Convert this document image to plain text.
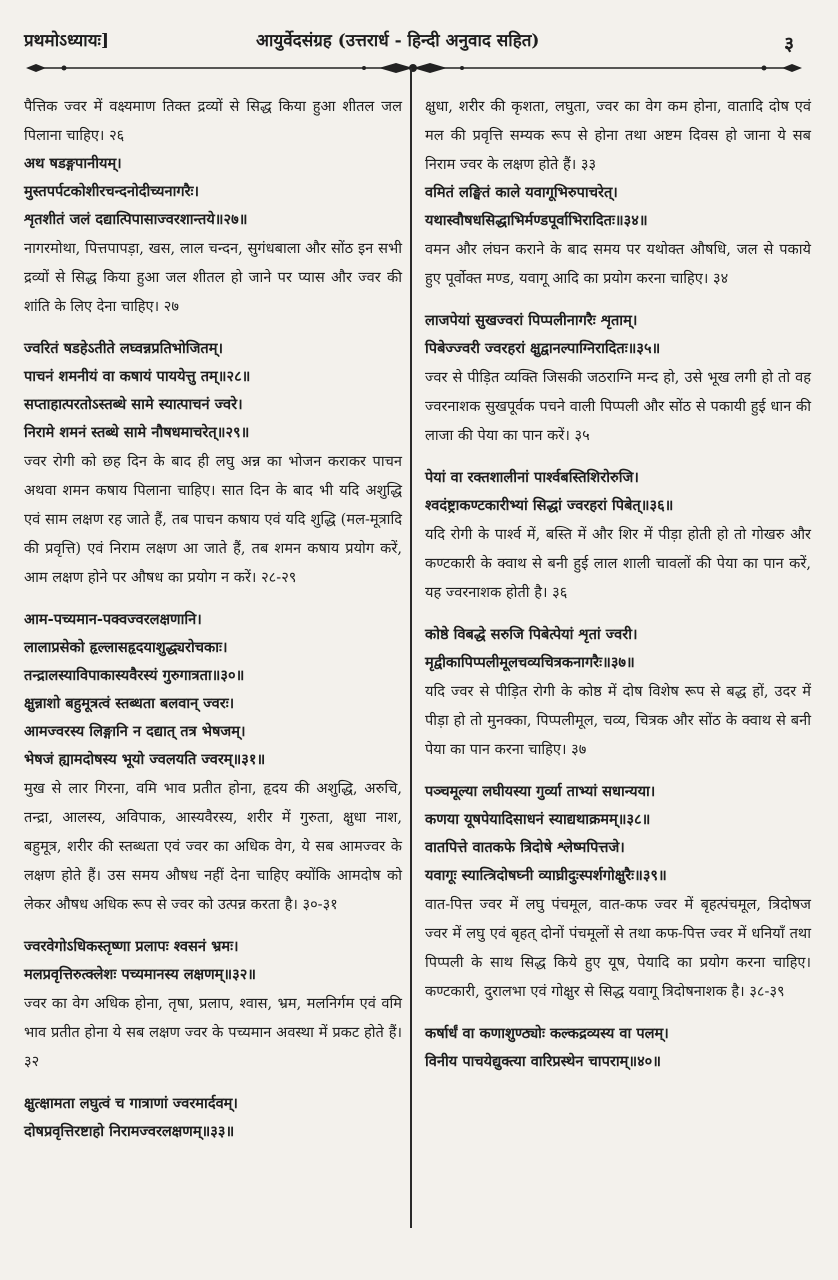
प्रथमोऽध्यायः]	आयुर्वेदसंग्रह (उत्तरार्ध - हिन्दी अनुवाद सहित)	३

पैत्तिक ज्वर में वक्ष्यमाण तिक्त द्रव्यों से सिद्ध किया हुआ शीतल जल पिलाना चाहिए। २६

अथ षडङ्गपानीयम्।

मुस्तपर्पटकोशीरचन्दनोदीच्यनागरैः।

शृतशीतं जलं दद्यात्पिपासाज्वरशान्तये॥२७॥

नागरमोथा, पित्तपापड़ा, खस, लाल चन्दन, सुगंधबाला और सोंठ इन सभी द्रव्यों से सिद्ध किया हुआ जल शीतल हो जाने पर प्यास और ज्वर की शांति के लिए देना चाहिए। २७

ज्वरितं षडहेऽतीते लघ्वन्नप्रतिभोजितम्।

पाचनं शमनीयं वा कषायं पाययेत्तु तम्॥२८॥

सप्ताहात्परतोऽस्तब्धे सामे स्यात्पाचनं ज्वरे।

निरामे शमनं स्तब्धे सामे नौषधमाचरेत्॥२९॥

ज्वर रोगी को छह दिन के बाद ही लघु अन्न का भोजन कराकर पाचन अथवा शमन कषाय पिलाना चाहिए। सात दिन के बाद भी यदि अशुद्धि एवं साम लक्षण रह जाते हैं, तब पाचन कषाय एवं यदि शुद्धि (मल-मूत्रादि की प्रवृत्ति) एवं निराम लक्षण आ जाते हैं, तब शमन कषाय प्रयोग करें, आम लक्षण होने पर औषध का प्रयोग न करें। २८-२९

आम-पच्यमान-पक्वज्वरलक्षणानि।

लालाप्रसेको हृल्लासहृदयाशुद्ध्यरोचकाः।

तन्द्रालस्याविपाकास्यवैरस्यं गुरुगात्रता॥३०॥

क्षुन्नाशो बहुमूत्रत्वं स्तब्धता बलवान् ज्वरः।

आमज्वरस्य लिङ्गानि न दद्यात् तत्र भेषजम्।

भेषजं ह्यामदोषस्य भूयो ज्वलयति ज्वरम्॥३१॥

मुख से लार गिरना, वमि भाव प्रतीत होना, हृदय की अशुद्धि, अरुचि, तन्द्रा, आलस्य, अविपाक, आस्यवैरस्य, शरीर में गुरुता, क्षुधा नाश, बहुमूत्र, शरीर की स्तब्धता एवं ज्वर का अधिक वेग, ये सब आमज्वर के लक्षण होते हैं। उस समय औषध नहीं देना चाहिए क्योंकि आमदोष को लेकर औषध अधिक रूप से ज्वर को उत्पन्न करता है। ३०-३१

ज्वरवेगोऽधिकस्तृष्णा प्रलापः श्वसनं भ्रमः।

मलप्रवृत्तिरुत्क्लेशः पच्यमानस्य लक्षणम्॥३२॥

ज्वर का वेग अधिक होना, तृषा, प्रलाप, श्वास, भ्रम, मलनिर्गम एवं वमि भाव प्रतीत होना ये सब लक्षण ज्वर के पच्यमान अवस्था में प्रकट होते हैं। ३२

क्षुत्क्षामता लघुत्वं च गात्राणां ज्वरमार्दवम्।

दोषप्रवृत्तिरष्टाहो निरामज्वरलक्षणम्॥३३॥

क्षुधा, शरीर की कृशता, लघुता, ज्वर का वेग कम होना, वातादि दोष एवं मल की प्रवृत्ति सम्यक रूप से होना तथा अष्टम दिवस हो जाना ये सब निराम ज्वर के लक्षण होते हैं। ३३

वमितं लङ्घितं काले यवागूभिरुपाचरेत्।

यथास्वौषधसिद्धाभिर्मण्डपूर्वाभिरादितः॥३४॥

वमन और लंघन कराने के बाद समय पर यथोक्त औषधि, जल से पकाये हुए पूर्वोक्त मण्ड, यवागू आदि का प्रयोग करना चाहिए। ३४

लाजपेयां सुखज्वरां पिप्पलीनागरैः शृताम्।

पिबेज्ज्वरी ज्वरहरां क्षुद्वानल्पाग्निरादितः॥३५॥

ज्वर से पीड़ित व्यक्ति जिसकी जठराग्नि मन्द हो, उसे भूख लगी हो तो वह ज्वरनाशक सुखपूर्वक पचने वाली पिप्पली और सोंठ से पकायी हुई धान की लाजा की पेया का पान करें। ३५

पेयां वा रक्तशालीनां पार्श्वबस्तिशिरोरुजि।

श्वदंष्ट्राकण्टकारीभ्यां सिद्धां ज्वरहरां पिबेत्॥३६॥

यदि रोगी के पार्श्व में, बस्ति में और शिर में पीड़ा होती हो तो गोखरु और कण्टकारी के क्वाथ से बनी हुई लाल शाली चावलों की पेया का पान करें, यह ज्वरनाशक होती है। ३६

कोष्ठे विबद्धे सरुजि पिबेत्पेयां शृतां ज्वरी।

मृद्वीकापिप्पलीमूलचव्यचित्रकनागरैः॥३७॥

यदि ज्वर से पीड़ित रोगी के कोष्ठ में दोष विशेष रूप से बद्ध हों, उदर में पीड़ा हो तो मुनक्का, पिप्पलीमूल, चव्य, चित्रक और सोंठ के क्वाथ से बनी पेया का पान करना चाहिए। ३७

पञ्चमूल्या लघीयस्या गुर्व्या ताभ्यां सधान्यया।

कणया यूषपेयादिसाधनं स्याद्यथाक्रमम्॥३८॥

वातपित्ते वातकफे त्रिदोषे श्लेष्मपित्तजे।

यवागूः स्यात्त्रिदोषघ्नी व्याघ्रीदुःस्पर्शगोक्षुरैः॥३९॥

वात-पित्त ज्वर में लघु पंचमूल, वात-कफ ज्वर में बृहत्पंचमूल, त्रिदोषज ज्वर में लघु एवं बृहत् दोनों पंचमूलों से तथा कफ-पित्त ज्वर में धनियाँ तथा पिप्पली के साथ सिद्ध किये हुए यूष, पेयादि का प्रयोग करना चाहिए। कण्टकारी, दुरालभा एवं गोक्षुर से सिद्ध यवागू त्रिदोषनाशक है। ३८-३९

कर्षार्धं वा कणाशुण्ठ्योः कल्कद्रव्यस्य वा पलम्।

विनीय पाचयेद्युक्त्या वारिप्रस्थेन चापराम्॥४०॥
